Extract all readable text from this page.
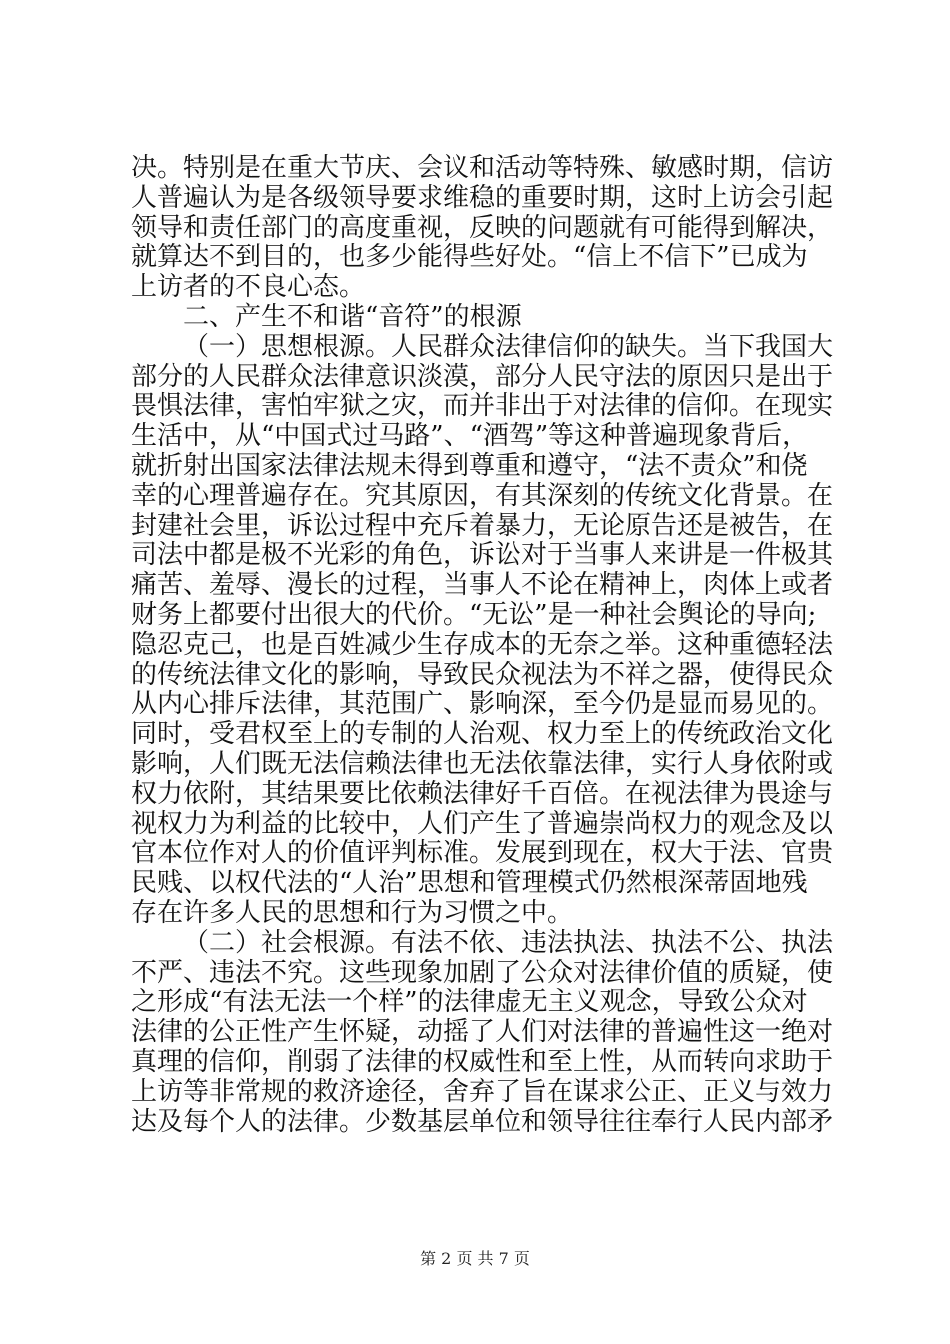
决。特别是在重大节庆、会议和活动等特殊、敏感时期，信访
人普遍认为是各级领导要求维稳的重要时期，这时上访会引起
领导和责任部门的高度重视，反映的问题就有可能得到解决，
就算达不到目的，也多少能得些好处。“信上不信下”已成为
上访者的不良心态。
二、产生不和谐“音符”的根源
（一）思想根源。人民群众法律信仰的缺失。当下我国大
部分的人民群众法律意识淡漠，部分人民守法的原因只是出于
畏惧法律，害怕牢狱之灾，而并非出于对法律的信仰。在现实
生活中，从“中国式过马路”、“酒驾”等这种普遍现象背后，
就折射出国家法律法规未得到尊重和遵守，“法不责众”和侥
幸的心理普遍存在。究其原因，有其深刻的传统文化背景。在
封建社会里，诉讼过程中充斥着暴力，无论原告还是被告，在
司法中都是极不光彩的角色，诉讼对于当事人来讲是一件极其
痛苦、羞辱、漫长的过程，当事人不论在精神上，肉体上或者
财务上都要付出很大的代价。“无讼”是一种社会舆论的导向;
隐忍克己，也是百姓减少生存成本的无奈之举。这种重德轻法
的传统法律文化的影响，导致民众视法为不祥之器，使得民众
从内心排斥法律，其范围广、影响深，至今仍是显而易见的。
同时，受君权至上的专制的人治观、权力至上的传统政治文化
影响，人们既无法信赖法律也无法依靠法律，实行人身依附或
权力依附，其结果要比依赖法律好千百倍。在视法律为畏途与
视权力为利益的比较中，人们产生了普遍崇尚权力的观念及以
官本位作对人的价值评判标准。发展到现在，权大于法、官贵
民贱、以权代法的“人治”思想和管理模式仍然根深蒂固地残
存在许多人民的思想和行为习惯之中。
（二）社会根源。有法不依、违法执法、执法不公、执法
不严、违法不究。这些现象加剧了公众对法律价值的质疑，使
之形成“有法无法一个样”的法律虚无主义观念，导致公众对
法律的公正性产生怀疑，动摇了人们对法律的普遍性这一绝对
真理的信仰，削弱了法律的权威性和至上性，从而转向求助于
上访等非常规的救济途径，舍弃了旨在谋求公正、正义与效力
达及每个人的法律。少数基层单位和领导往往奉行人民内部矛
第 2 页 共 7 页
